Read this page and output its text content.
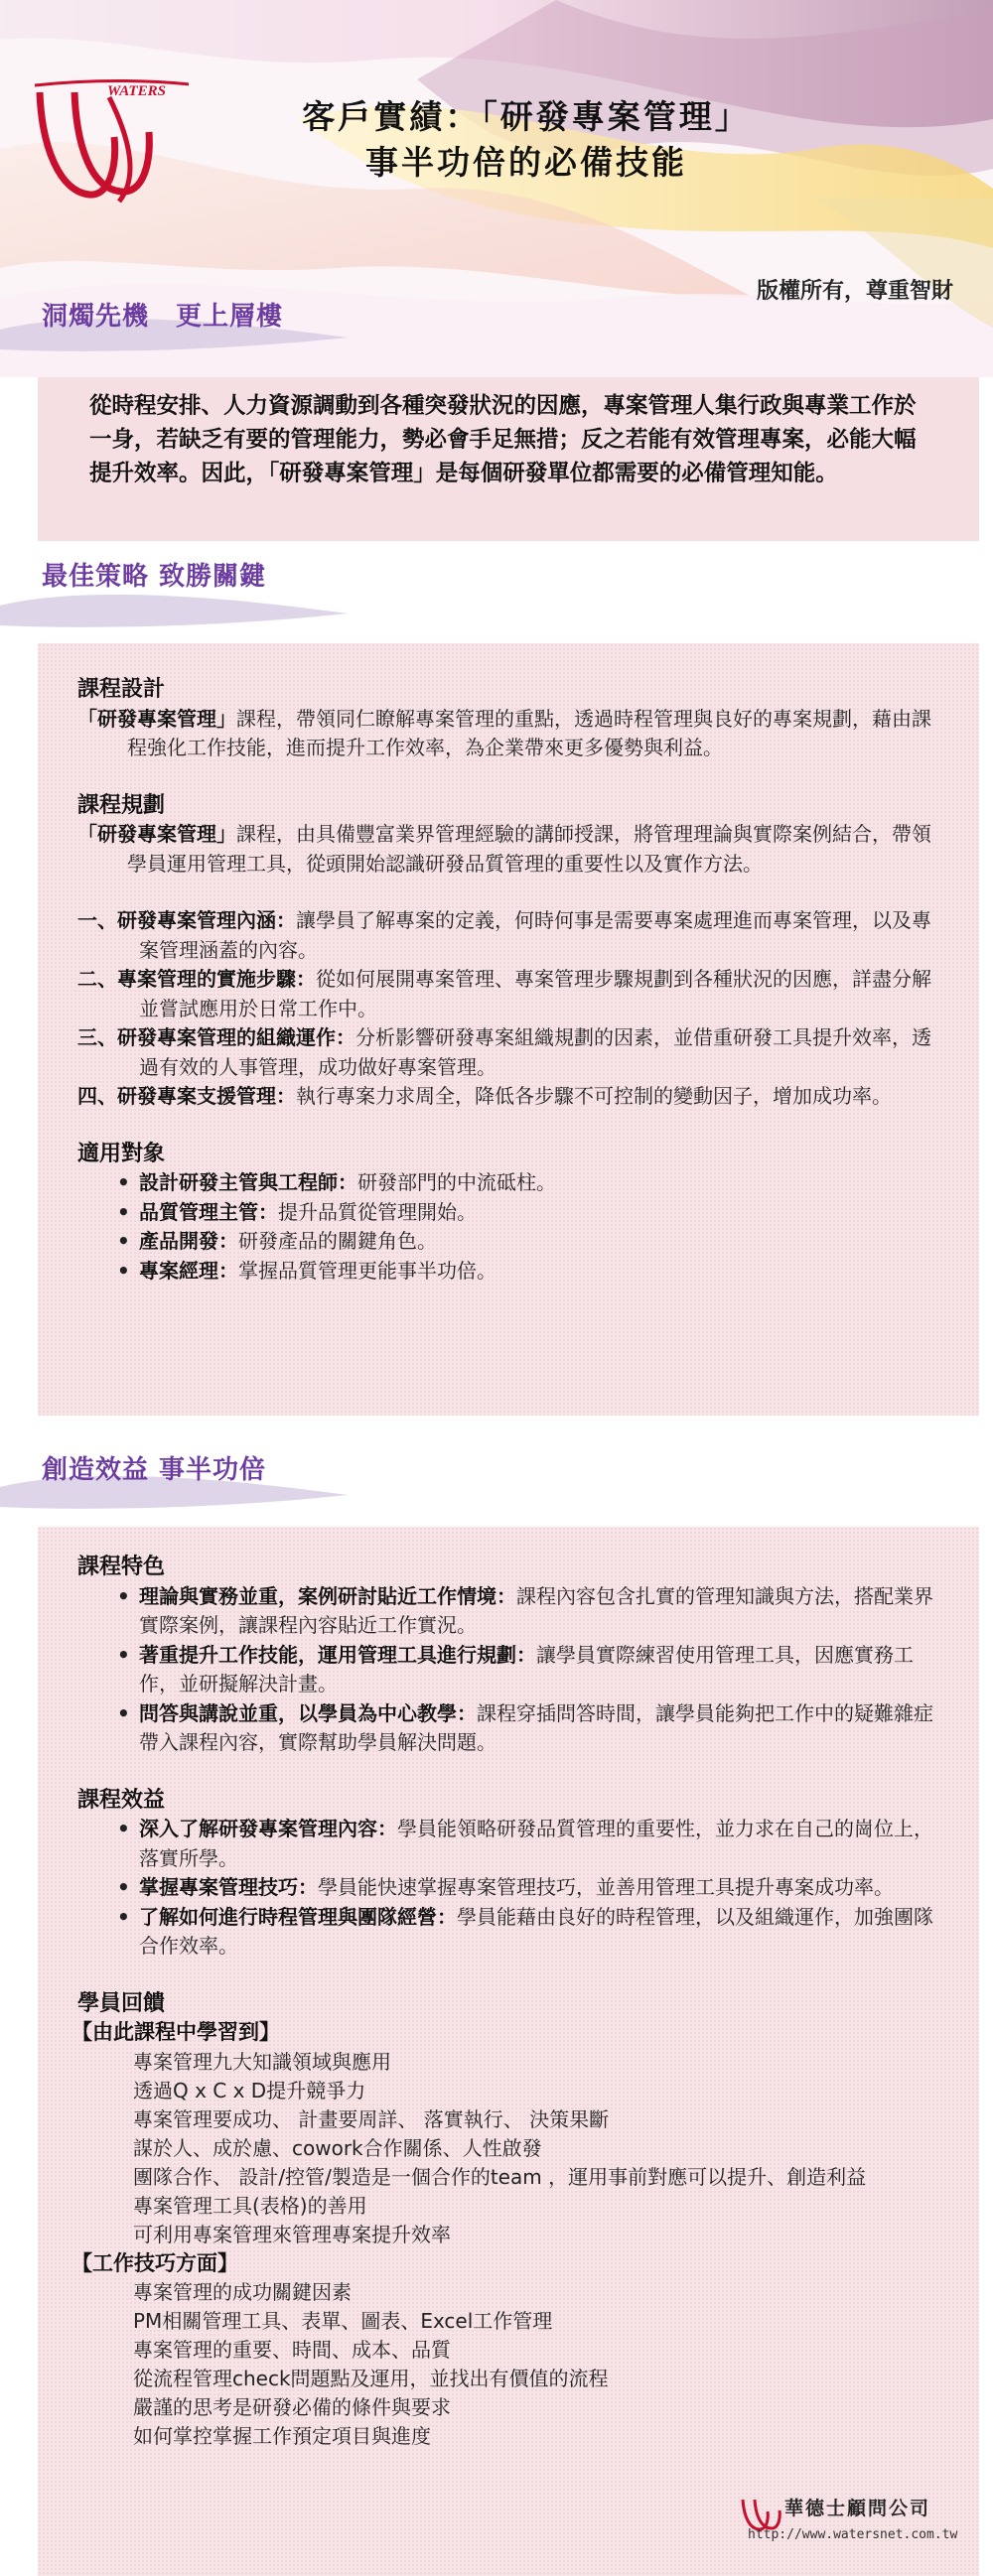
WATERS
客戶實績：「研發專案管理」
事半功倍的必備技能
版權所有，尊重智財
洞燭先機　更上層樓
從時程安排、人力資源調動到各種突發狀況的因應，專案管理人集行政與專業工作於一身，若缺乏有要的管理能力，勢必會手足無措；反之若能有效管理專案，必能大幅提升效率。因此，「研發專案管理」是每個研發單位都需要的必備管理知能。
最佳策略 致勝關鍵
課程設計
「研發專案管理」課程，帶領同仁瞭解專案管理的重點，透過時程管理與良好的專案規劃，藉由課程強化工作技能，進而提升工作效率，為企業帶來更多優勢與利益。
課程規劃
「研發專案管理」課程，由具備豐富業界管理經驗的講師授課，將管理理論與實際案例結合，帶領學員運用管理工具，從頭開始認識研發品質管理的重要性以及實作方法。
一、研發專案管理內涵：讓學員了解專案的定義，何時何事是需要專案處理進而專案管理，以及專案管理涵蓋的內容。
二、專案管理的實施步驟：從如何展開專案管理、專案管理步驟規劃到各種狀況的因應，詳盡分解並嘗試應用於日常工作中。
三、研發專案管理的組織運作：分析影響研發專案組織規劃的因素，並借重研發工具提升效率，透過有效的人事管理，成功做好專案管理。
四、研發專案支援管理：執行專案力求周全，降低各步驟不可控制的變動因子，增加成功率。
適用對象
• 設計研發主管與工程師：研發部門的中流砥柱。
• 品質管理主管：提升品質從管理開始。
• 產品開發：研發產品的關鍵角色。
• 專案經理：掌握品質管理更能事半功倍。
創造效益 事半功倍
課程特色
• 理論與實務並重，案例研討貼近工作情境：課程內容包含扎實的管理知識與方法，搭配業界實際案例，讓課程內容貼近工作實況。
• 著重提升工作技能，運用管理工具進行規劃：讓學員實際練習使用管理工具，因應實務工作，並研擬解決計畫。
• 問答與講說並重，以學員為中心教學：課程穿插問答時間，讓學員能夠把工作中的疑難雜症帶入課程內容，實際幫助學員解決問題。
課程效益
• 深入了解研發專案管理內容：學員能領略研發品質管理的重要性，並力求在自己的崗位上，落實所學。
• 掌握專案管理技巧：學員能快速掌握專案管理技巧，並善用管理工具提升專案成功率。
• 了解如何進行時程管理與團隊經營：學員能藉由良好的時程管理，以及組織運作，加強團隊合作效率。
學員回饋
【由此課程中學習到】
專案管理九大知識領域與應用
透過Q x C x D提升競爭力
專案管理要成功、 計畫要周詳、 落實執行、 決策果斷
謀於人、成於慮、cowork合作關係、人性啟發
團隊合作、 設計/控管/製造是一個合作的team ，運用事前對應可以提升、創造利益
專案管理工具(表格)的善用
可利用專案管理來管理專案提升效率
【工作技巧方面】
專案管理的成功關鍵因素
PM相關管理工具、表單、圖表、Excel工作管理
專案管理的重要、時間、成本、品質
從流程管理check問題點及運用，並找出有價值的流程
嚴謹的思考是研發必備的條件與要求
如何掌控掌握工作預定項目與進度
華德士顧問公司
http://www.watersnet.com.tw
